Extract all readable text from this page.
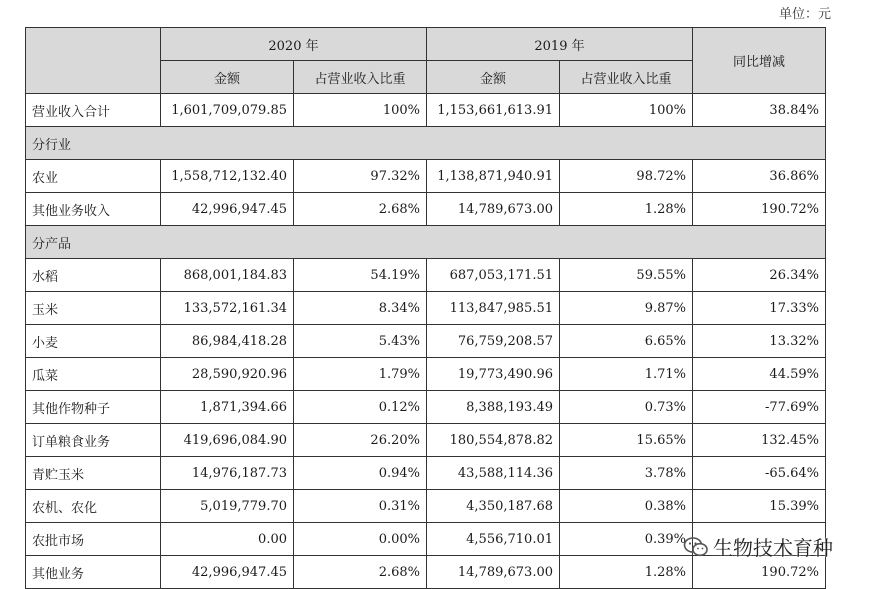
单位：元
	2020 年		2019 年		同比增减
	金额	占营业收入比重	金额	占营业收入比重	
营业收入合计	1,601,709,079.85	100%	1,153,661,613.91	100%	38.84%
分行业					
农业	1,558,712,132.40	97.32%	1,138,871,940.91	98.72%	36.86%
其他业务收入	42,996,947.45	2.68%	14,789,673.00	1.28%	190.72%
分产品					
水稻	868,001,184.83	54.19%	687,053,171.51	59.55%	26.34%
玉米	133,572,161.34	8.34%	113,847,985.51	9.87%	17.33%
小麦	86,984,418.28	5.43%	76,759,208.57	6.65%	13.32%
瓜菜	28,590,920.96	1.79%	19,773,490.96	1.71%	44.59%
其他作物种子	1,871,394.66	0.12%	8,388,193.49	0.73%	-77.69%
订单粮食业务	419,696,084.90	26.20%	180,554,878.82	15.65%	132.45%
青贮玉米	14,976,187.73	0.94%	43,588,114.36	3.78%	-65.64%
农机、农化	5,019,779.70	0.31%	4,350,187.68	0.38%	15.39%
农批市场	0.00	0.00%	4,556,710.01	0.39%	
其他业务	42,996,947.45	2.68%	14,789,673.00	1.28%	190.72%
生物技术育种
